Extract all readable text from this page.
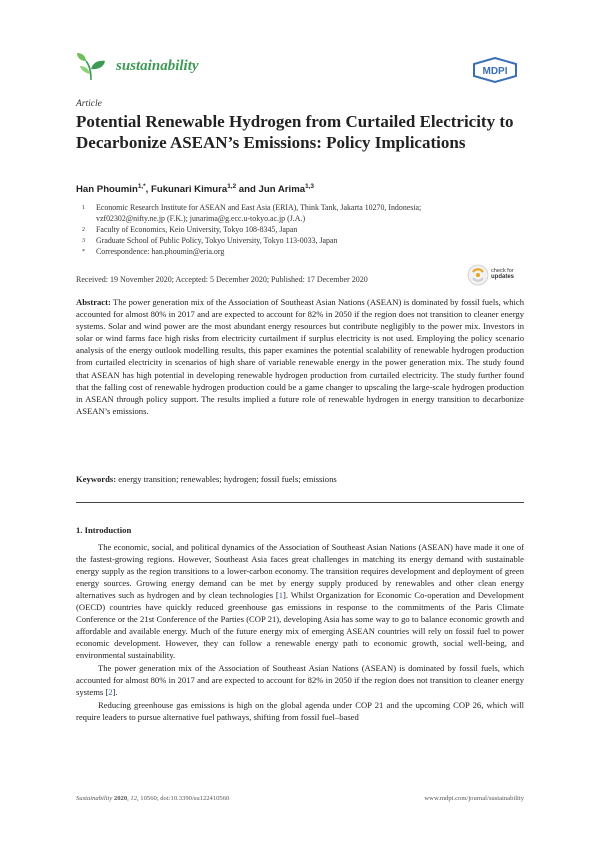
sustainability	MDPI
Article
Potential Renewable Hydrogen from Curtailed Electricity to Decarbonize ASEAN’s Emissions: Policy Implications
Han Phoumin$^{1,*}$, Fukunari Kimura$^{1,2}$ and Jun Arima$^{1,3}$
1	Economic Research Institute for ASEAN and East Asia (ERIA), Think Tank, Jakarta 10270, Indonesia;
vzf02302@nifty.ne.jp (F.K.); junarima@g.ecc.u-tokyo.ac.jp (J.A.)
2	Faculty of Economics, Keio University, Tokyo 108-8345, Japan
3	Graduate School of Public Policy, Tokyo University, Tokyo 113-0033, Japan
*	Correspondence: han.phoumin@eria.org
Received: 19 November 2020; Accepted: 5 December 2020; Published: 17 December 2020
check for
updates
Abstract: The power generation mix of the Association of Southeast Asian Nations (ASEAN) is dominated by fossil fuels, which accounted for almost 80% in 2017 and are expected to account for 82% in 2050 if the region does not transition to cleaner energy systems. Solar and wind power are the most abundant energy resources but contribute negligibly to the power mix. Investors in solar or wind farms face high risks from electricity curtailment if surplus electricity is not used. Employing the policy scenario analysis of the energy outlook modelling results, this paper examines the potential scalability of renewable hydrogen production from curtailed electricity in scenarios of high share of variable renewable energy in the power generation mix. The study found that ASEAN has high potential in developing renewable hydrogen production from curtailed electricity. The study further found that the falling cost of renewable hydrogen production could be a game changer to upscaling the large-scale hydrogen production in ASEAN through policy support. The results implied a future role of renewable hydrogen in energy transition to decarbonize ASEAN’s emissions.
Keywords: energy transition; renewables; hydrogen; fossil fuels; emissions
1. Introduction

The economic, social, and political dynamics of the Association of Southeast Asian Nations (ASEAN) have made it one of the fastest-growing regions. However, Southeast Asia faces great challenges in matching its energy demand with sustainable energy supply as the region transitions to a lower-carbon economy. The transition requires development and deployment of green energy sources. Growing energy demand can be met by energy supply produced by renewables and other clean energy alternatives such as hydrogen and by clean technologies [1]. Whilst Organization for Economic Co-operation and Development (OECD) countries have quickly reduced greenhouse gas emissions in response to the commitments of the Paris Climate Conference or the 21st Conference of the Parties (COP 21), developing Asia has some way to go to balance economic growth and affordable and available energy. Much of the future energy mix of emerging ASEAN countries will rely on fossil fuel to power economic development. However, they can follow a renewable energy path to economic growth, social well-being, and environmental sustainability.

The power generation mix of the Association of Southeast Asian Nations (ASEAN) is dominated by fossil fuels, which accounted for almost 80% in 2017 and are expected to account for 82% in 2050 if the region does not transition to cleaner energy systems [2].

Reducing greenhouse gas emissions is high on the global agenda under COP 21 and the upcoming COP 26, which will require leaders to pursue alternative fuel pathways, shifting from fossil fuel–based

Sustainability 2020, 12, 10560; doi:10.3390/su122410560	www.mdpi.com/journal/sustainability
